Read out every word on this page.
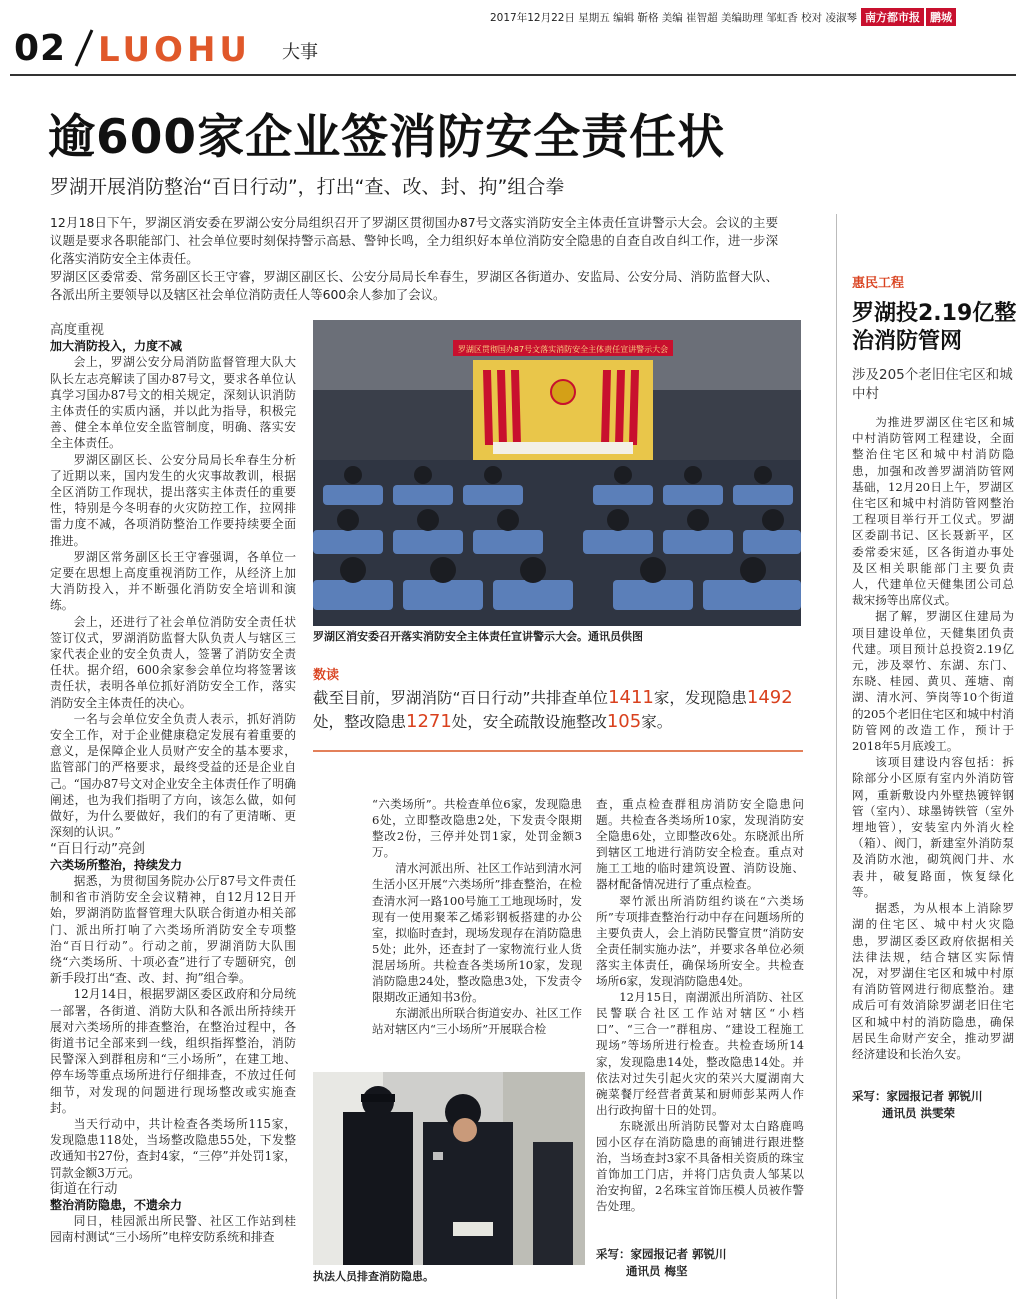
2017年12月22日 星期五 编辑 靳格 美编 崔智超 美编助理 邹虹香 校对 凌淑琴 南方都市报 鹏城
02 LUOHU 大事
逾600家企业签消防安全责任状
罗湖开展消防整治“百日行动”，打出“查、改、封、拘”组合拳

12月18日下午，罗湖区消安委在罗湖公安分局组织召开了罗湖区贯彻国办87号文落实消防安全主体责任宣讲警示大会。会议的主要议题是要求各职能部门、社会单位要时刻保持警示高悬、警钟长鸣，全力组织好本单位消防安全隐患的自查自改自纠工作，进一步深化落实消防安全主体责任。

罗湖区区委常委、常务副区长王守睿，罗湖区副区长、公安分局局长牟春生，罗湖区各街道办、安监局、公安分局、消防监督大队、各派出所主要领导以及辖区社会单位消防责任人等600余人参加了会议。

高度重视

加大消防投入，力度不减

会上，罗湖公安分局消防监督管理大队大队长左志亮解读了国办87号文，要求各单位认真学习国办87号文的相关规定，深刻认识消防主体责任的实质内涵，并以此为指导，积极完善、健全本单位安全监管制度，明确、落实安全主体责任。

罗湖区副区长、公安分局局长牟春生分析了近期以来，国内发生的火灾事故教训，根据全区消防工作现状，提出落实主体责任的重要性，特别是今冬明春的火灾防控工作，拉网排雷力度不减，各项消防整治工作要持续要全面推进。

罗湖区常务副区长王守睿强调，各单位一定要在思想上高度重视消防工作，从经济上加大消防投入，并不断强化消防安全培训和演练。

会上，还进行了社会单位消防安全责任状签订仪式，罗湖消防监督大队负责人与辖区三家代表企业的安全负责人，签署了消防安全责任状。据介绍，600余家参会单位均将签署该责任状，表明各单位抓好消防安全工作，落实消防安全主体责任的决心。

一名与会单位安全负责人表示，抓好消防安全工作，对于企业健康稳定发展有着重要的意义，是保障企业人员财产安全的基本要求，监管部门的严格要求，最终受益的还是企业自己。“国办87号文对企业安全主体责任作了明确阐述，也为我们指明了方向，该怎么做，如何做好，为什么要做好，我们的有了更清晰、更深刻的认识。”

“百日行动”亮剑

六类场所整治，持续发力

据悉，为贯彻国务院办公厅87号文件责任制和省市消防安全会议精神，自12月12日开始，罗湖消防监督管理大队联合街道办相关部门、派出所打响了六类场所消防安全专项整治“百日行动”。行动之前，罗湖消防大队围绕“六类场所、十项必查”进行了专题研究，创新手段打出“查、改、封、拘”组合拳。

12月14日，根据罗湖区委区政府和分局统一部署，各街道、消防大队和各派出所持续开展对六类场所的排查整治，在整治过程中，各街道书记全部来到一线，组织指挥整治，消防民警深入到群租房和“三小场所”，在建工地、停车场等重点场所进行仔细排查，不放过任何细节，对发现的问题进行现场整改或实施查封。

当天行动中，共计检查各类场所115家，发现隐患118处，当场整改隐患55处，下发整改通知书27份，查封4家，“三停”并处罚1家，罚款金额3万元。

街道在行动

整治消防隐患，不遗余力

同日，桂园派出所民警、社区工作站到桂园南村测试“三小场所”电梓安防系统和排查

罗湖区贯彻国办87号文落实消防安全主体责任宣讲警示大会
罗湖区消安委召开落实消防安全主体责任宣讲警示大会。通讯员供图
数读
截至目前，罗湖消防“百日行动”共排查单位1411家，发现隐患1492处，整改隐患1271处，安全疏散设施整改105家。

“六类场所”。共检查单位6家，发现隐患6处，立即整改隐患2处，下发责令限期整改2份，三停并处罚1家，处罚金额3万。

清水河派出所、社区工作站到清水河生活小区开展“六类场所”排查整治，在检查清水河一路100号施工工地现场时，发现有一使用聚苯乙烯彩钢板搭建的办公室，拟临时查封，现场发现存在消防隐患5处；此外，还查封了一家物流行业人货混居场所。共检查各类场所10家，发现消防隐患24处，整改隐患3处，下发责令限期改正通知书3份。

东湖派出所联合街道安办、社区工作站对辖区内“三小场所”开展联合检

查，重点检查群租房消防安全隐患问题。共检查各类场所10家，发现消防安全隐患6处，立即整改6处。东晓派出所到辖区工地进行消防安全检查。重点对施工工地的临时建筑设置、消防设施、器材配备情况进行了重点检查。

翠竹派出所消防组约谈在“六类场所”专项排查整治行动中存在问题场所的主要负责人，会上消防民警宣贯“消防安全责任制实施办法”，并要求各单位必须落实主体责任，确保场所安全。共检查场所6家，发现消防隐患4处。

12月15日，南湖派出所消防、社区民警联合社区工作站对辖区“小档口”、“三合一”群租房、“建设工程施工现场”等场所进行检查。共检查场所14家，发现隐患14处，整改隐患14处。并依法对过失引起火灾的荣兴大厦湖南大碗菜餐厅经营者黄某和厨师彭某两人作出行政拘留十日的处罚。

东晓派出所消防民警对太白路鹿鸣园小区存在消防隐患的商铺进行跟进整治，当场查封3家不具备相关资质的珠宝首饰加工门店，并将门店负责人邹某以治安拘留，2名珠宝首饰压模人员被作警告处理。

执法人员排查消防隐患。
采写：家园报记者 郭锐川
通讯员 梅坚
惠民工程
罗湖投2.19亿整治消防管网
涉及205个老旧住宅区和城中村

为推进罗湖区住宅区和城中村消防管网工程建设，全面整治住宅区和城中村消防隐患，加强和改善罗湖消防管网基础，12月20日上午，罗湖区住宅区和城中村消防管网整治工程项目举行开工仪式。罗湖区委副书记、区长聂新平，区委常委宋延，区各街道办事处及区相关职能部门主要负责人，代建单位天健集团公司总裁宋扬等出席仪式。

据了解，罗湖区住建局为项目建设单位，天健集团负责代建。项目预计总投资2.19亿元，涉及翠竹、东湖、东门、东晓、桂园、黄贝、莲塘、南湖、清水河、笋岗等10个街道的205个老旧住宅区和城中村消防管网的改造工作，预计于2018年5月底竣工。

该项目建设内容包括：拆除部分小区原有室内外消防管网，重新敷设内外壁热镀锌钢管（室内）、球墨铸铁管（室外埋地管），安装室内外消火栓（箱）、阀门，新建室外消防泵及消防水池，砌筑阀门井、水表井，破复路面，恢复绿化等。

据悉，为从根本上消除罗湖的住宅区、城中村火灾隐患，罗湖区委区政府依据相关法律法规，结合辖区实际情况，对罗湖住宅区和城中村原有消防管网进行彻底整治。建成后可有效消除罗湖老旧住宅区和城中村的消防隐患，确保居民生命财产安全，推动罗湖经济建设和长治久安。

采写：家园报记者 郭锐川
通讯员 洪雯荣
